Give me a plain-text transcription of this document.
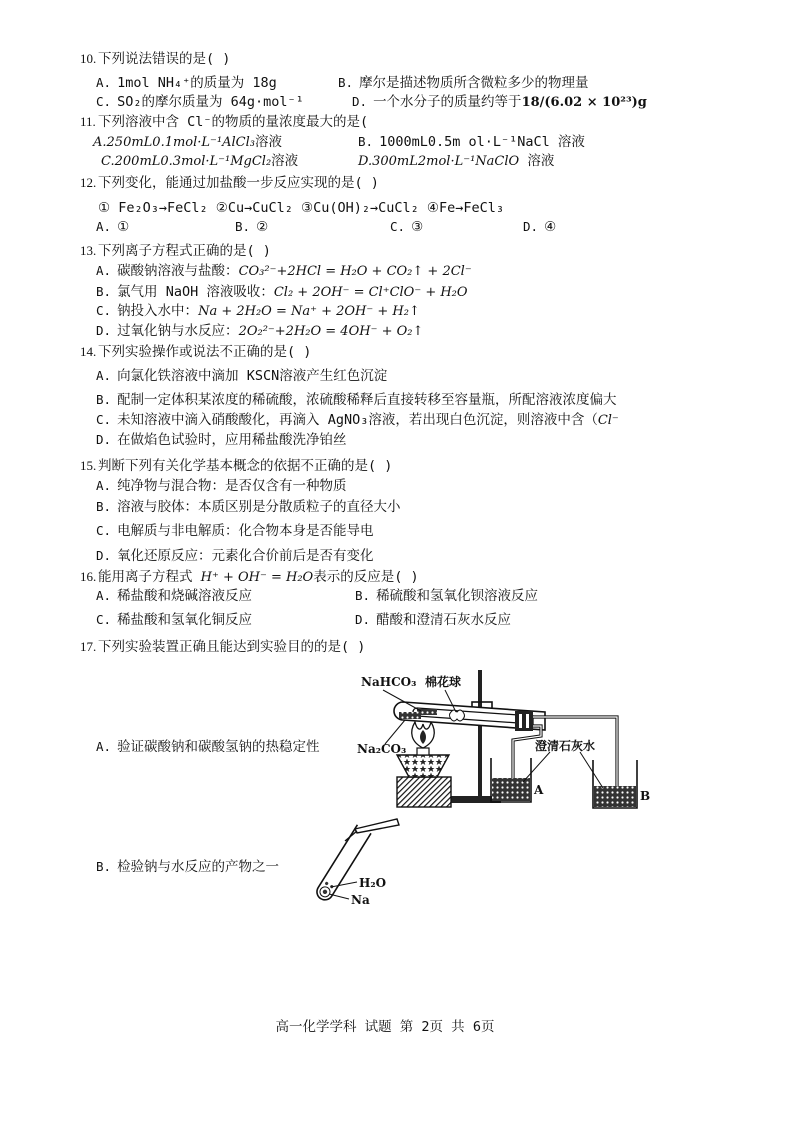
10. 下列说法错误的是( )
A. 1mol NH₄⁺的质量为 18g	B. 摩尔是描述物质所含微粒多少的物理量
C. SO₂的摩尔质量为 64g·mol⁻¹	D. 一个水分子的质量约等于18/(6.02 × 10²³)g
11. 下列溶液中含 Cl⁻的物质的量浓度最大的是(
A.250mL0.1mol·L⁻¹AlCl₃溶液	B. 1000mL0.5m ol·L⁻¹NaCl 溶液
C.200mL0.3mol·L⁻¹MgCl₂溶液	D.300mL2mol·L⁻¹NaClO 溶液
12. 下列变化，能通过加盐酸一步反应实现的是( )
① Fe₂O₃→FeCl₂ ②Cu→CuCl₂ ③Cu(OH)₂→CuCl₂ ④Fe→FeCl₃
A. ①	B. ②	C. ③	D. ④
13. 下列离子方程式正确的是( )
A. 碳酸钠溶液与盐酸：CO₃²⁻+2HCl = H₂O + CO₂↑ + 2Cl⁻
B. 氯气用 NaOH 溶液吸收：Cl₂ + 2OH⁻ = Cl⁺ClO⁻ + H₂O
C. 钠投入水中：Na + 2H₂O = Na⁺ + 2OH⁻ + H₂↑
D. 过氧化钠与水反应：2O₂²⁻+2H₂O = 4OH⁻ + O₂↑
14. 下列实验操作或说法不正确的是( )
A. 向氯化铁溶液中滴加 KSCN溶液产生红色沉淀
B. 配制一定体积某浓度的稀硫酸，浓硫酸稀释后直接转移至容量瓶，所配溶液浓度偏大
C. 未知溶液中滴入硝酸酸化，再滴入 AgNO₃溶液，若出现白色沉淀，则溶液中含（Cl⁻
D. 在做焰色试验时，应用稀盐酸洗净铂丝
15. 判断下列有关化学基本概念的依据不正确的是( )
A. 纯净物与混合物：是否仅含有一种物质
B. 溶液与胶体：本质区别是分散质粒子的直径大小
C. 电解质与非电解质：化合物本身是否能导电
D. 氧化还原反应：元素化合价前后是否有变化
16. 能用离子方程式 H⁺ + OH⁻ = H₂O表示的反应是( )
A. 稀盐酸和烧碱溶液反应	B. 稀硫酸和氢氧化钡溶液反应
C. 稀盐酸和氢氧化铜反应	D. 醋酸和澄清石灰水反应
17. 下列实验装置正确且能达到实验目的的是( )
A. 验证碳酸钠和碳酸氢钠的热稳定性
B. 检验钠与水反应的产物之一
NaHCO₃ 棉花球
Na₂CO₃	澄清石灰水
A	B
H₂O
Na
高一化学学科 试题 第 2页 共 6页
